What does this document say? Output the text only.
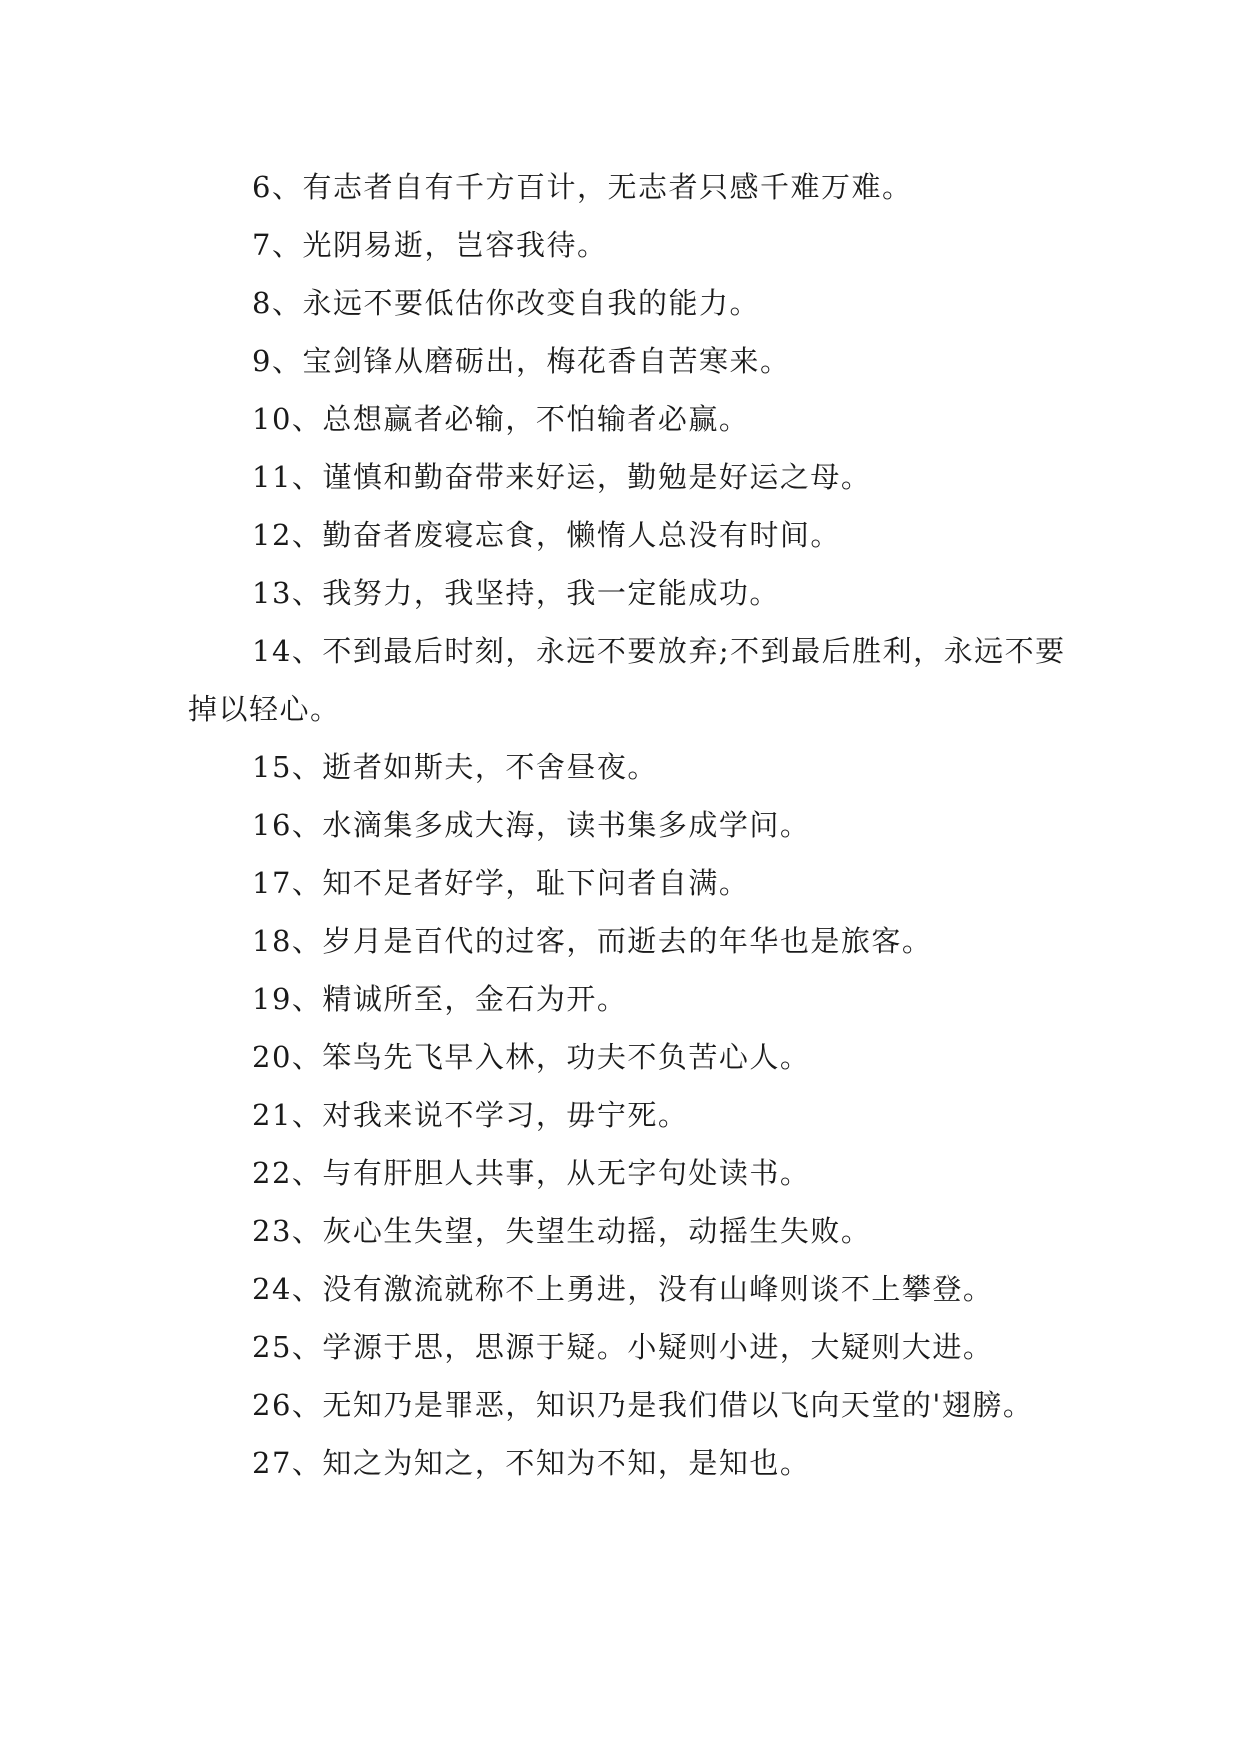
6、有志者自有千方百计，无志者只感千难万难。

7、光阴易逝，岂容我待。

8、永远不要低估你改变自我的能力。

9、宝剑锋从磨砺出，梅花香自苦寒来。

10、总想赢者必输，不怕输者必赢。

11、谨慎和勤奋带来好运，勤勉是好运之母。

12、勤奋者废寝忘食，懒惰人总没有时间。

13、我努力，我坚持，我一定能成功。

14、不到最后时刻，永远不要放弃;不到最后胜利，永远不要掉以轻心。

15、逝者如斯夫，不舍昼夜。

16、水滴集多成大海，读书集多成学问。

17、知不足者好学，耻下问者自满。

18、岁月是百代的过客，而逝去的年华也是旅客。

19、精诚所至，金石为开。

20、笨鸟先飞早入林，功夫不负苦心人。

21、对我来说不学习，毋宁死。

22、与有肝胆人共事，从无字句处读书。

23、灰心生失望，失望生动摇，动摇生失败。

24、没有激流就称不上勇进，没有山峰则谈不上攀登。

25、学源于思，思源于疑。小疑则小进，大疑则大进。

26、无知乃是罪恶，知识乃是我们借以飞向天堂的'翅膀。

27、知之为知之，不知为不知，是知也。
